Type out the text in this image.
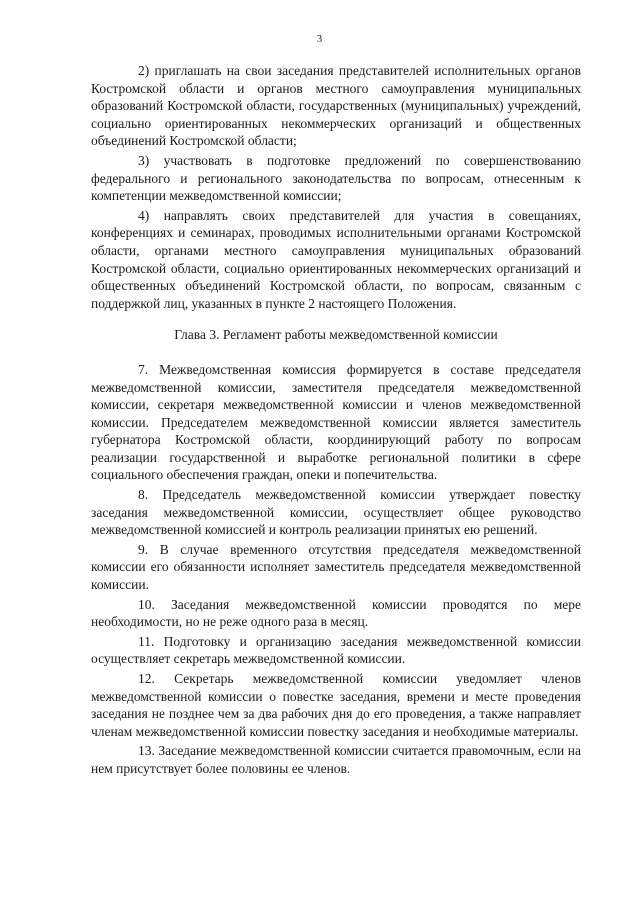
3

2) приглашать на свои заседания представителей исполнительных органов Костромской области и органов местного самоуправления муниципальных образований Костромской области, государственных (муниципальных) учреждений, социально ориентированных некоммерческих организаций и общественных объединений Костромской области;

3) участвовать в подготовке предложений по совершенствованию федерального и регионального законодательства по вопросам, отнесенным к компетенции межведомственной комиссии;

4) направлять своих представителей для участия в совещаниях, конференциях и семинарах, проводимых исполнительными органами Костромской области, органами местного самоуправления муниципальных образований Костромской области, социально ориентированных некоммерческих организаций и общественных объединений Костромской области, по вопросам, связанным с поддержкой лиц, указанных в пункте 2 настоящего Положения.

Глава 3. Регламент работы межведомственной комиссии

7. Межведомственная комиссия формируется в составе председателя межведомственной комиссии, заместителя председателя межведомственной комиссии, секретаря межведомственной комиссии и членов межведомственной комиссии. Председателем межведомственной комиссии является заместитель губернатора Костромской области, координирующий работу по вопросам реализации государственной и выработке региональной политики в сфере социального обеспечения граждан, опеки и попечительства.

8. Председатель межведомственной комиссии утверждает повестку заседания межведомственной комиссии, осуществляет общее руководство межведомственной комиссией и контроль реализации принятых ею решений.

9. В случае временного отсутствия председателя межведомственной комиссии его обязанности исполняет заместитель председателя межведомственной комиссии.

10. Заседания межведомственной комиссии проводятся по мере необходимости, но не реже одного раза в месяц.

11. Подготовку и организацию заседания межведомственной комиссии осуществляет секретарь межведомственной комиссии.

12. Секретарь межведомственной комиссии уведомляет членов межведомственной комиссии о повестке заседания, времени и месте проведения заседания не позднее чем за два рабочих дня до его проведения, а также направляет членам межведомственной комиссии повестку заседания и необходимые материалы.

13. Заседание межведомственной комиссии считается правомочным, если на нем присутствует более половины ее членов.
